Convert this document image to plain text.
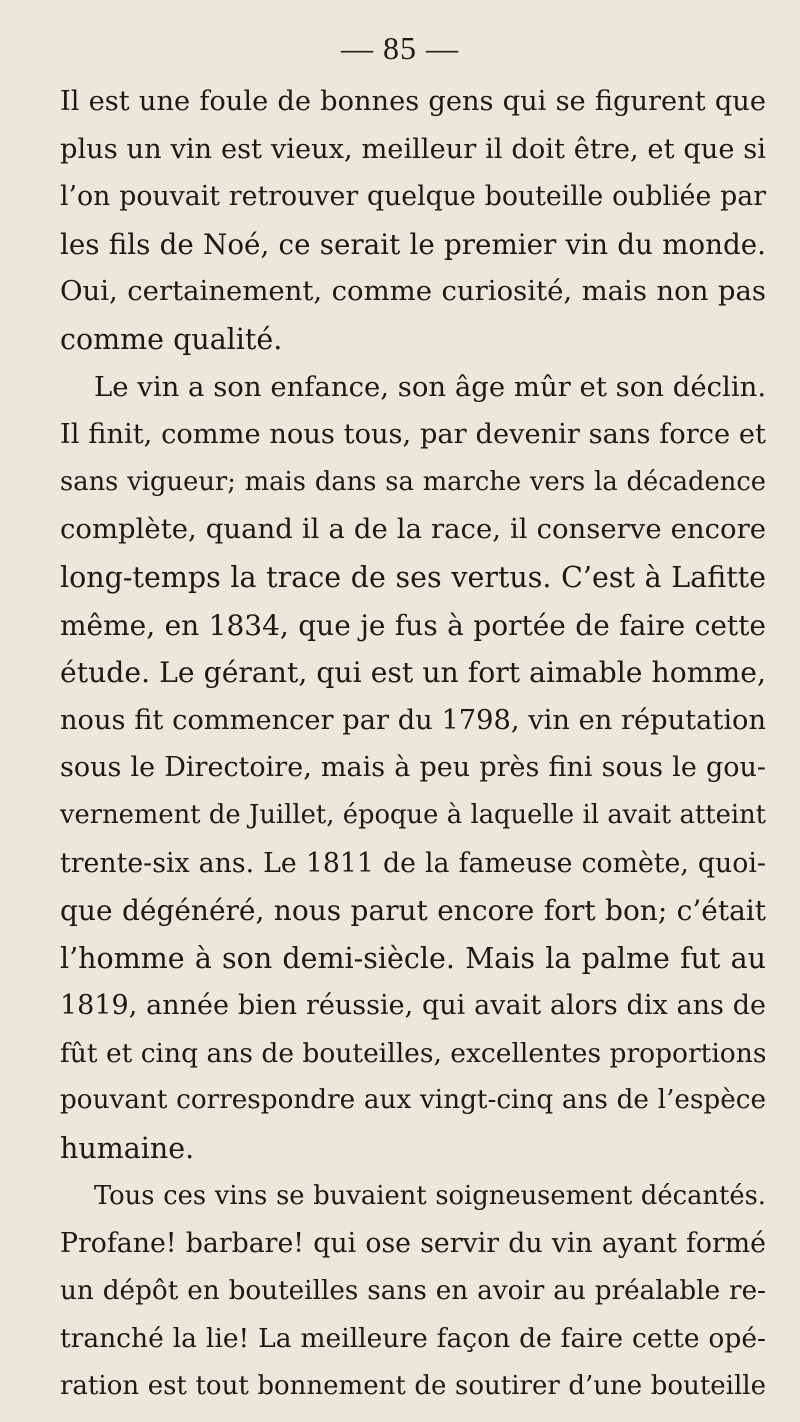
— 85 —
Il est une foule de bonnes gens qui se figurent que
plus un vin est vieux, meilleur il doit être, et que si
l’on pouvait retrouver quelque bouteille oubliée par
les fils de Noé, ce serait le premier vin du monde.
Oui, certainement, comme curiosité, mais non pas
comme qualité.
Le vin a son enfance, son âge mûr et son déclin.
Il finit, comme nous tous, par devenir sans force et
sans vigueur; mais dans sa marche vers la décadence
complète, quand il a de la race, il conserve encore
long-temps la trace de ses vertus. C’est à Lafitte
même, en 1834, que je fus à portée de faire cette
étude. Le gérant, qui est un fort aimable homme,
nous fit commencer par du 1798, vin en réputation
sous le Directoire, mais à peu près fini sous le gou-
vernement de Juillet, époque à laquelle il avait atteint
trente-six ans. Le 1811 de la fameuse comète, quoi-
que dégénéré, nous parut encore fort bon; c’était
l’homme à son demi-siècle. Mais la palme fut au
1819, année bien réussie, qui avait alors dix ans de
fût et cinq ans de bouteilles, excellentes proportions
pouvant correspondre aux vingt-cinq ans de l’espèce
humaine.
Tous ces vins se buvaient soigneusement décantés.
Profane! barbare! qui ose servir du vin ayant formé
un dépôt en bouteilles sans en avoir au préalable re-
tranché la lie! La meilleure façon de faire cette opé-
ration est tout bonnement de soutirer d’une bouteille
